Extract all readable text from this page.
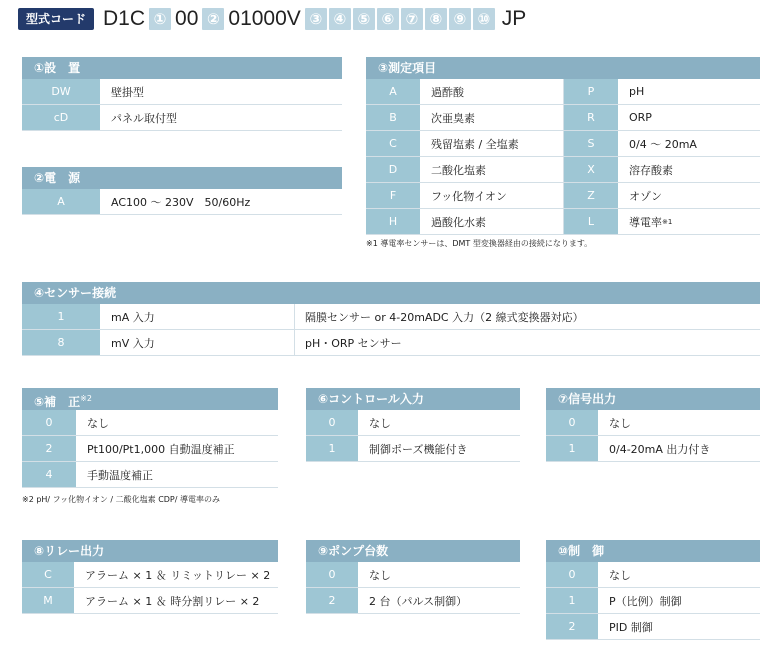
型式コード D1C ① 00 ② 01000V ③ ④ ⑤ ⑥ ⑦ ⑧ ⑨ ⑩ JP
①設　置
DW	壁掛型
cD	パネル取付型
②電　源
A	AC100 〜 230V　50/60Hz
③測定項目
A	過酢酸	P	pH
B	次亜臭素	R	ORP
C	残留塩素 / 全塩素	S	0/4 〜 20mA
D	二酸化塩素	X	溶存酸素
F	フッ化物イオン	Z	オゾン
H	過酸化水素	L	導電率 ※1
※1 導電率センサーは、DMT 型変換器経由の接続になります。
④センサー接続
1	mA 入力	隔膜センサー or 4-20mADC 入力（2 線式変換器対応）
8	mV 入力	pH・ORP センサー
⑤補　正$^{※2}$
0	なし
2	Pt100/Pt1,000 自動温度補正
4	手動温度補正
※2 pH/ フッ化物イオン / 二酸化塩素 CDP/ 導電率のみ
⑥コントロール入力
0	なし
1	制御ポーズ機能付き
⑦信号出力
0	なし
1	0/4-20mA 出力付き
⑧リレー出力
C	アラーム × 1 ＆ リミットリレー × 2
M	アラーム × 1 ＆ 時分割リレー × 2
⑨ポンプ台数
0	なし
2	2 台（パルス制御）
⑩制　御
0	なし
1	P（比例）制御
2	PID 制御
